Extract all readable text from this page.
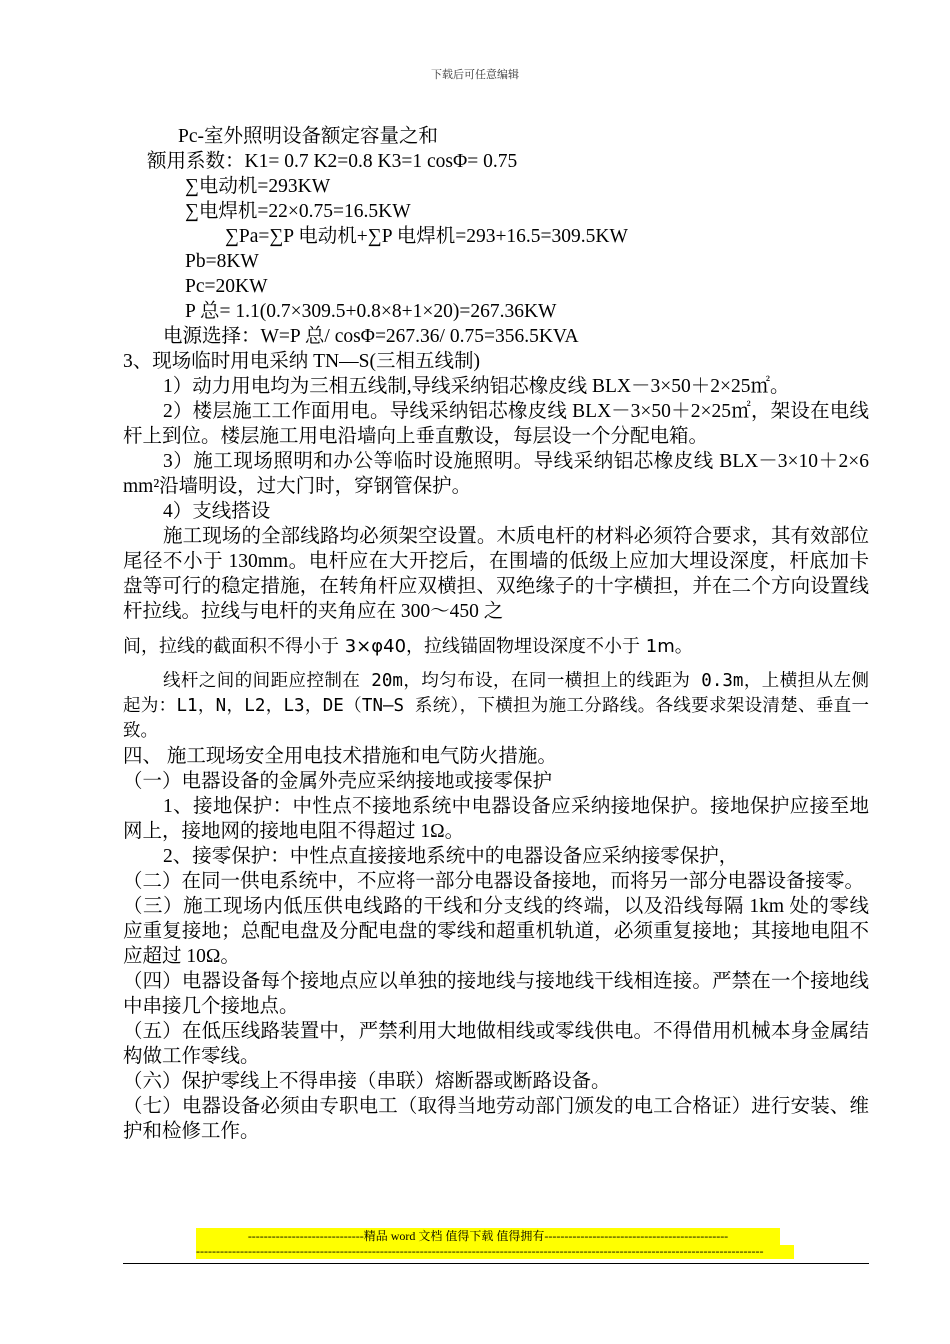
下载后可任意编辑
Pc-室外照明设备额定容量之和
额用系数：K1= 0.7 K2=0.8 K3=1 cosΦ= 0.75
∑电动机=293KW
∑电焊机=22×0.75=16.5KW
∑Pa=∑P 电动机+∑P 电焊机=293+16.5=309.5KW
Pb=8KW
Pc=20KW
P 总= 1.1(0.7×309.5+0.8×8+1×20)=267.36KW
电源选择：W=P 总/ cosΦ=267.36/ 0.75=356.5KVA
3、现场临时用电采纳 TN—S(三相五线制)
1）动力用电均为三相五线制,导线采纳铝芯橡皮线 BLX－3×50＋2×25㎡。
2）楼层施工工作面用电。导线采纳铝芯橡皮线 BLX－3×50＋2×25㎡，架设在电线杆上到位。楼层施工用电沿墙向上垂直敷设，每层设一个分配电箱。
3）施工现场照明和办公等临时设施照明。导线采纳铝芯橡皮线 BLX－3×10＋2×6 mm²沿墙明设，过大门时，穿钢管保护。
4）支线搭设
施工现场的全部线路均必须架空设置。木质电杆的材料必须符合要求，其有效部位尾径不小于 130mm。电杆应在大开挖后，在围墙的低级上应加大埋设深度，杆底加卡盘等可行的稳定措施，在转角杆应双横担、双绝缘子的十字横担，并在二个方向设置线杆拉线。拉线与电杆的夹角应在 300～450 之
间，拉线的截面积不得小于 3×φ40，拉线锚固物埋设深度不小于 1m。
线杆之间的间距应控制在 20m，均匀布设，在同一横担上的线距为 0.3m，上横担从左侧起为：L1，N，L2，L3，DE（TN—S 系统），下横担为施工分路线。各线要求架设清楚、垂直一致。
四、 施工现场安全用电技术措施和电气防火措施。
（一）电器设备的金属外壳应采纳接地或接零保护
1、接地保护：中性点不接地系统中电器设备应采纳接地保护。接地保护应接至地网上，接地网的接地电阻不得超过 1Ω。
2、接零保护：中性点直接接地系统中的电器设备应采纳接零保护，
（二）在同一供电系统中，不应将一部分电器设备接地，而将另一部分电器设备接零。
（三）施工现场内低压供电线路的干线和分支线的终端，以及沿线每隔 1km 处的零线应重复接地；总配电盘及分配电盘的零线和超重机轨道，必须重复接地；其接地电阻不应超过 10Ω。
（四）电器设备每个接地点应以单独的接地线与接地线干线相连接。严禁在一个接地线中串接几个接地点。
（五）在低压线路装置中，严禁利用大地做相线或零线供电。不得借用机械本身金属结构做工作零线。
（六）保护零线上不得串接（串联）熔断器或断路设备。
（七）电器设备必须由专职电工（取得当地劳动部门颁发的电工合格证）进行安装、维护和检修工作。
-----------------------------精品 word 文档 值得下载 值得拥有----------------------------------------------
----------------------------------------------------------------------------------------------------------------------------------------------
